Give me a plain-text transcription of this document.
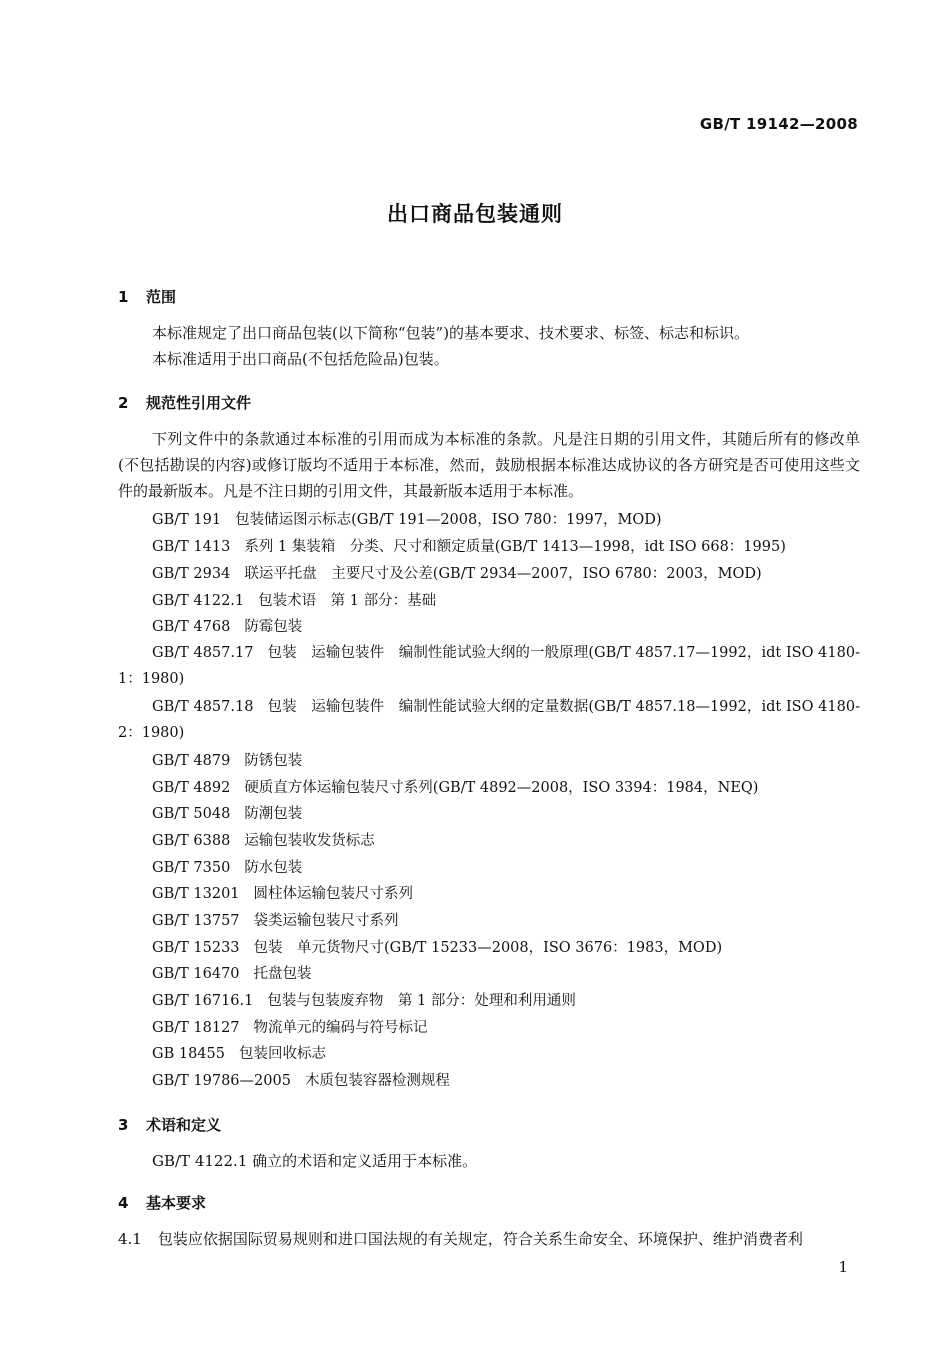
GB/T 19142—2008
出口商品包装通则
1 范围
本标准规定了出口商品包装(以下简称“包装”)的基本要求、技术要求、标签、标志和标识。
本标准适用于出口商品(不包括危险品)包装。
2 规范性引用文件
下列文件中的条款通过本标准的引用而成为本标准的条款。凡是注日期的引用文件，其随后所有的修改单(不包括勘误的内容)或修订版均不适用于本标准，然而，鼓励根据本标准达成协议的各方研究是否可使用这些文件的最新版本。凡是不注日期的引用文件，其最新版本适用于本标准。
GB/T 191 包装储运图示标志(GB/T 191—2008，ISO 780：1997，MOD)
GB/T 1413 系列 1 集装箱　分类、尺寸和额定质量(GB/T 1413—1998，idt ISO 668：1995)
GB/T 2934 联运平托盘　主要尺寸及公差(GB/T 2934—2007，ISO 6780：2003，MOD)
GB/T 4122.1 包装术语　第 1 部分：基础
GB/T 4768 防霉包装
GB/T 4857.17 包装　运输包装件　编制性能试验大纲的一般原理(GB/T 4857.17—1992，idt ISO 4180-1：1980)
GB/T 4857.18 包装　运输包装件　编制性能试验大纲的定量数据(GB/T 4857.18—1992，idt ISO 4180-2：1980)
GB/T 4879 防锈包装
GB/T 4892 硬质直方体运输包装尺寸系列(GB/T 4892—2008，ISO 3394：1984，NEQ)
GB/T 5048 防潮包装
GB/T 6388 运输包装收发货标志
GB/T 7350 防水包装
GB/T 13201 圆柱体运输包装尺寸系列
GB/T 13757 袋类运输包装尺寸系列
GB/T 15233 包装　单元货物尺寸(GB/T 15233—2008，ISO 3676：1983，MOD)
GB/T 16470 托盘包装
GB/T 16716.1 包装与包装废弃物　第 1 部分：处理和利用通则
GB/T 18127 物流单元的编码与符号标记
GB 18455 包装回收标志
GB/T 19786—2005 木质包装容器检测规程
3 术语和定义
GB/T 4122.1 确立的术语和定义适用于本标准。
4 基本要求
4.1 包装应依据国际贸易规则和进口国法规的有关规定，符合关系生命安全、环境保护、维护消费者利
1
